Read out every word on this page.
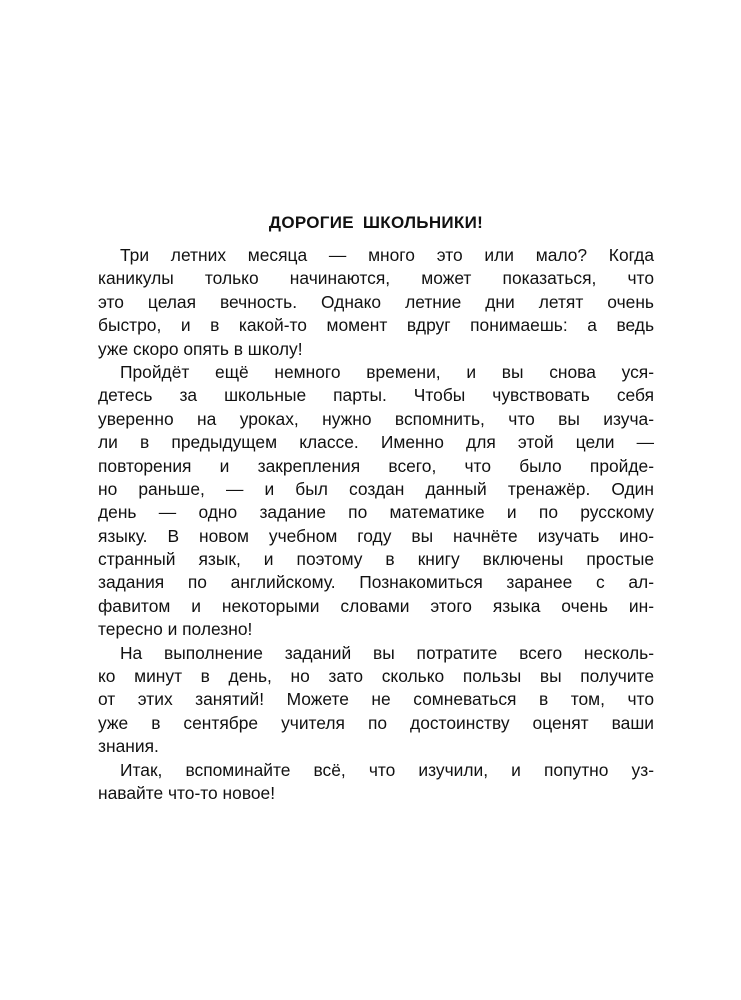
ДОРОГИЕ ШКОЛЬНИКИ!
Три летних месяца — много это или мало? Когда
каникулы только начинаются, может показаться, что
это целая вечность. Однако летние дни летят очень
быстро, и в какой-то момент вдруг понимаешь: а ведь
уже скоро опять в школу!
Пройдёт ещё немного времени, и вы снова уся-
детесь за школьные парты. Чтобы чувствовать себя
уверенно на уроках, нужно вспомнить, что вы изуча-
ли в предыдущем классе. Именно для этой цели —
повторения и закрепления всего, что было пройде-
но раньше, — и был создан данный тренажёр. Один
день — одно задание по математике и по русскому
языку. В новом учебном году вы начнёте изучать ино-
странный язык, и поэтому в книгу включены простые
задания по английскому. Познакомиться заранее с ал-
фавитом и некоторыми словами этого языка очень ин-
тересно и полезно!
На выполнение заданий вы потратите всего несколь-
ко минут в день, но зато сколько пользы вы получите
от этих занятий! Можете не сомневаться в том, что
уже в сентябре учителя по достоинству оценят ваши
знания.
Итак, вспоминайте всё, что изучили, и попутно уз-
навайте что-то новое!
